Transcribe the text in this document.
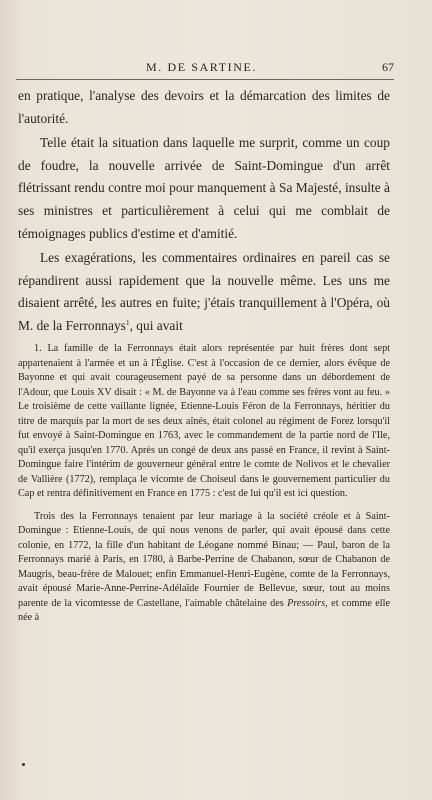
M. DE SARTINE.	67

en pratique, l'analyse des devoirs et la démarcation des limites de l'autorité.

Telle était la situation dans laquelle me surprit, comme un coup de foudre, la nouvelle arrivée de Saint-Domingue d'un arrêt flétrissant rendu contre moi pour manquement à Sa Majesté, insulte à ses ministres et particulièrement à celui qui me comblait de témoignages publics d'estime et d'amitié.

Les exagérations, les commentaires ordinaires en pareil cas se répandirent aussi rapidement que la nouvelle même. Les uns me disaient arrêté, les autres en fuite; j'étais tranquillement à l'Opéra, où M. de la Ferronnays$^1$, qui avait

1. La famille de la Ferronnays était alors représentée par huit frères dont sept appartenaient à l'armée et un à l'Église. C'est à l'occasion de ce dernier, alors évêque de Bayonne et qui avait courageusement payé de sa personne dans un débordement de l'Adour, que Louis XV disait : « M. de Bayonne va à l'eau comme ses frères vont au feu. » Le troisième de cette vaillante lignée, Etienne-Louis Féron de la Ferronnays, héritier du titre de marquis par la mort de ses deux aînés, était colonel au régiment de Forez lorsqu'il fut envoyé à Saint-Domingue en 1763, avec le commandement de la partie nord de l'Ile, qu'il exerça jusqu'en 1770. Après un congé de deux ans passé en France, il revint à Saint-Domingue faire l'intérim de gouverneur général entre le comte de Nolivos et le chevalier de Vallière (1772), remplaça le vicomte de Choiseul dans le gouvernement particulier du Cap et rentra définitivement en France en 1775 : c'est de lui qu'il est ici question.

Trois des la Ferronnays tenaient par leur mariage à la société créole et à Saint-Domingue : Etienne-Louis, de qui nous venons de parler, qui avait épousé dans cette colonie, en 1772, la fille d'un habitant de Léogane nommé Binau; — Paul, baron de la Ferronnays marié à Paris, en 1780, à Barbe-Perrine de Chabanon, sœur de Chabanon de Maugris, beau-frère de Malouet; enfin Emmanuel-Henri-Eugène, comte de la Ferronnays, avait épousé Marie-Anne-Perrine-Adélaïde Fournier de Bellevue, sœur, tout au moins parente de la vicomtesse de Castellane, l'aimable châtelaine des Pressoirs, et comme elle née à
